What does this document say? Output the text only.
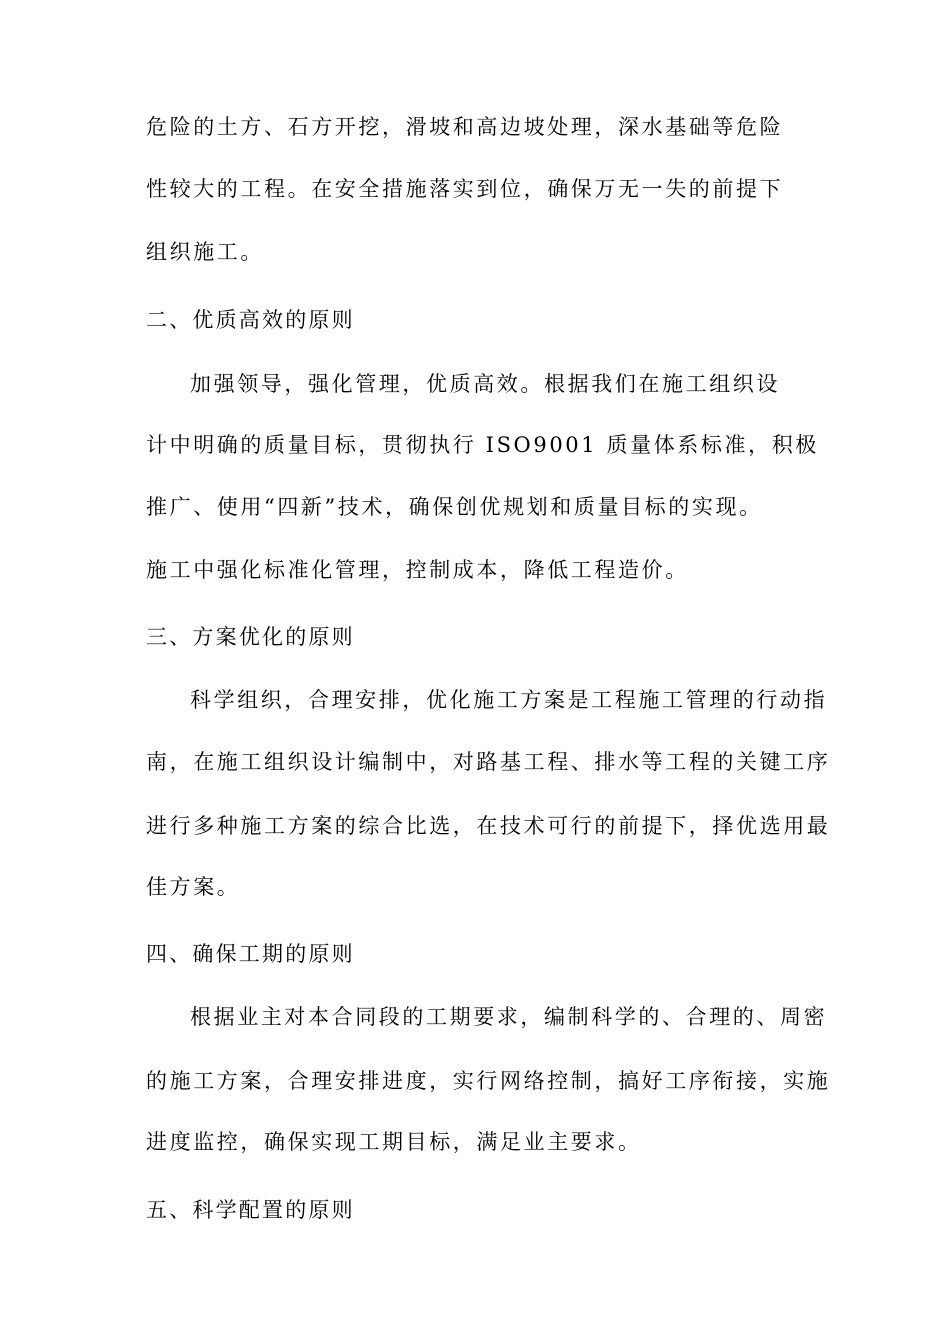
危险的土方、石方开挖，滑坡和高边坡处理，深水基础等危险
性较大的工程。在安全措施落实到位，确保万无一失的前提下
组织施工。
二、优质高效的原则
加强领导，强化管理，优质高效。根据我们在施工组织设
计中明确的质量目标，贯彻执行 ISO9001 质量体系标准，积极
推广、使用“四新”技术，确保创优规划和质量目标的实现。
施工中强化标准化管理，控制成本，降低工程造价。
三、方案优化的原则
科学组织，合理安排，优化施工方案是工程施工管理的行动指
南，在施工组织设计编制中，对路基工程、排水等工程的关键工序
进行多种施工方案的综合比选，在技术可行的前提下，择优选用最
佳方案。
四、确保工期的原则
根据业主对本合同段的工期要求，编制科学的、合理的、周密
的施工方案，合理安排进度，实行网络控制，搞好工序衔接，实施
进度监控，确保实现工期目标，满足业主要求。
五、科学配置的原则
